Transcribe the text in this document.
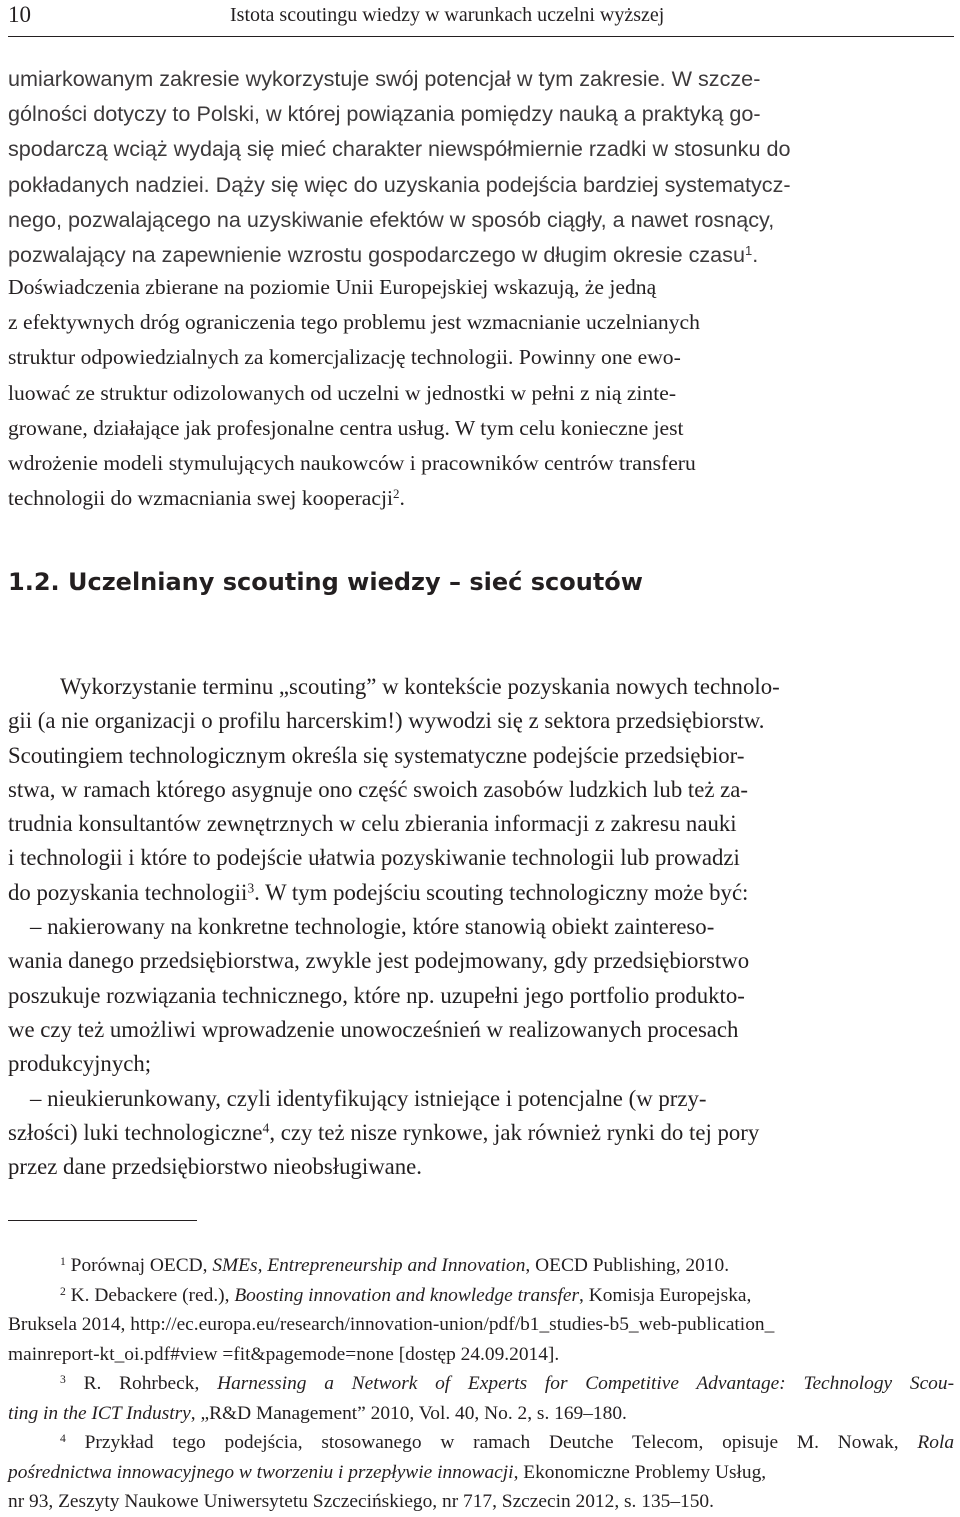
10	Istota scoutingu wiedzy w warunkach uczelni wyższej
umiarkowanym zakresie wykorzystuje swój potencjał w tym zakresie. W szcze-
gólności dotyczy to Polski, w której powiązania pomiędzy nauką a praktyką go-
spodarczą wciąż wydają się mieć charakter niewspółmiernie rzadki w stosunku do
pokładanych nadziei. Dąży się więc do uzyskania podejścia bardziej systematycz-
nego, pozwalającego na uzyskiwanie efektów w sposób ciągły, a nawet rosnący,
pozwalający na zapewnienie wzrostu gospodarczego w długim okresie czasu$^1$.
Doświadczenia zbierane na poziomie Unii Europejskiej wskazują, że jedną
z efektywnych dróg ograniczenia tego problemu jest wzmacnianie uczelnianych
struktur odpowiedzialnych za komercjalizację technologii. Powinny one ewo-
luować ze struktur odizolowanych od uczelni w jednostki w pełni z nią zinte-
growane, działające jak profesjonalne centra usług. W tym celu konieczne jest
wdrożenie modeli stymulujących naukowców i pracowników centrów transferu
technologii do wzmacniania swej kooperacji$^2$.
1.2. Uczelniany scouting wiedzy – sieć scoutów
Wykorzystanie terminu „scouting” w kontekście pozyskania nowych technolo-
gii (a nie organizacji o profilu harcerskim!) wywodzi się z sektora przedsiębiorstw.
Scoutingiem technologicznym określa się systematyczne podejście przedsiębior-
stwa, w ramach którego asygnuje ono część swoich zasobów ludzkich lub też za-
trudnia konsultantów zewnętrznych w celu zbierania informacji z zakresu nauki
i technologii i które to podejście ułatwia pozyskiwanie technologii lub prowadzi
do pozyskania technologii$^3$. W tym podejściu scouting technologiczny może być:
– nakierowany na konkretne technologie, które stanowią obiekt zaintereso-
wania danego przedsiębiorstwa, zwykle jest podejmowany, gdy przedsiębiorstwo
poszukuje rozwiązania technicznego, które np. uzupełni jego portfolio produkto-
we czy też umożliwi wprowadzenie unowocześnień w realizowanych procesach
produkcyjnych;
– nieukierunkowany, czyli identyfikujący istniejące i potencjalne (w przy-
szłości) luki technologiczne$^4$, czy też nisze rynkowe, jak również rynki do tej pory
przez dane przedsiębiorstwo nieobsługiwane.
$^1$ Porównaj OECD, SMEs, Entrepreneurship and Innovation, OECD Publishing, 2010.
$^2$ K. Debackere (red.), Boosting innovation and knowledge transfer, Komisja Europejska,
Bruksela 2014, http://ec.europa.eu/research/innovation-union/pdf/b1_studies-b5_web-publication_
mainreport-kt_oi.pdf#view =fit&pagemode=none [dostęp 24.09.2014].
$^3$ R. Rohrbeck, Harnessing a Network of Experts for Competitive Advantage: Technology Scou-
ting in the ICT Industry, „R&D Management” 2010, Vol. 40, No. 2, s. 169–180.
$^4$ Przykład tego podejścia, stosowanego w ramach Deutche Telecom, opisuje M. Nowak, Rola
pośrednictwa innowacyjnego w tworzeniu i przepływie innowacji, Ekonomiczne Problemy Usług,
nr 93, Zeszyty Naukowe Uniwersytetu Szczecińskiego, nr 717, Szczecin 2012, s. 135–150.
